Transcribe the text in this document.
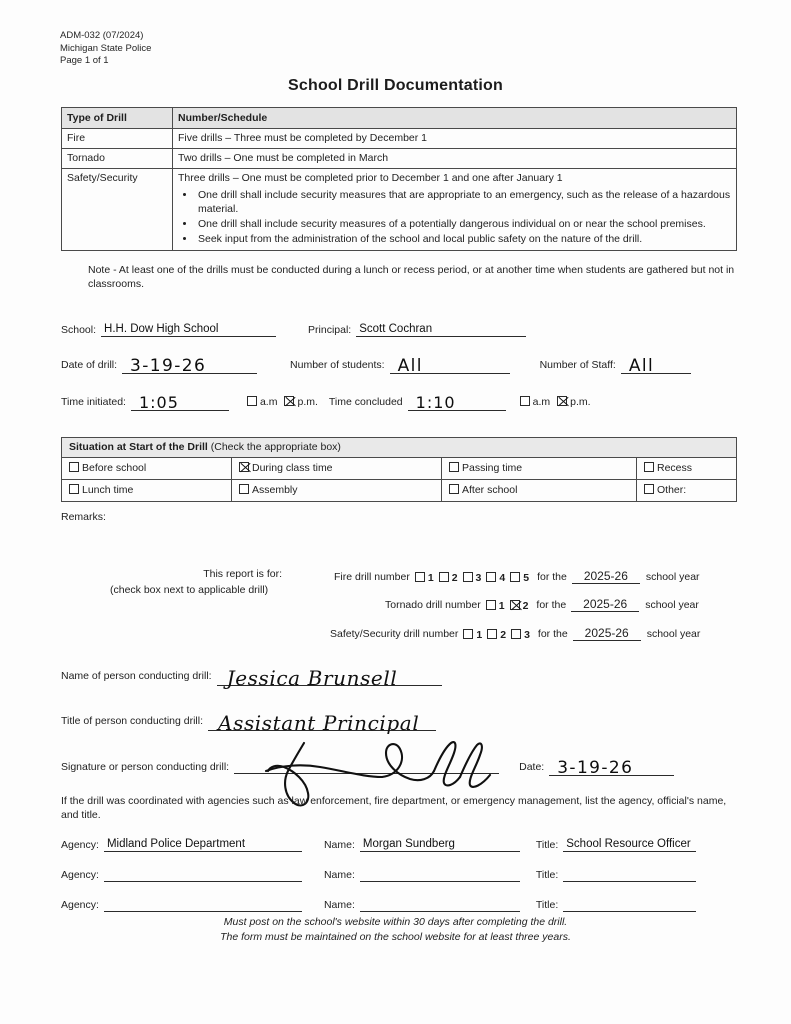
ADM-032 (07/2024)
Michigan State Police
Page 1 of 1
School Drill Documentation
Type of Drill	Number/Schedule
Fire	Five drills – Three must be completed by December 1
Tornado	Two drills – One must be completed in March
Safety/Security	Three drills – One must be completed prior to December 1 and one after January 1
• One drill shall include security measures that are appropriate to an emergency, such as the release of a hazardous material.
• One drill shall include security measures of a potentially dangerous individual on or near the school premises.
• Seek input from the administration of the school and local public safety on the nature of the drill.
Note - At least one of the drills must be conducted during a lunch or recess period, or at another time when students are gathered but not in classrooms.
School: H.H. Dow High School	Principal: Scott Cochran
Date of drill: 3-19-26	Number of students: All	Number of Staff: All
Time initiated: 1:05	a.m	p.m.	Time concluded 1:10	a.m	p.m.
Situation at Start of the Drill (Check the appropriate box)			
Before school	During class time	Passing time	Recess
Lunch time	Assembly	After school	Other:
Remarks:
This report is for:
(check box next to applicable drill)
Fire drill number	1	2	3	4	5 for the	2025-26	school year
Tornado drill number	1	2 for the	2025-26	school year
Safety/Security drill number	1	2	3 for the	2025-26	school year
Name of person conducting drill: Jessica Brunsell
Title of person conducting drill: Assistant Principal
Signature or person conducting drill:	Date: 3-19-26
If the drill was coordinated with agencies such as law enforcement, fire department, or emergency management, list the agency, official's name, and title.
Agency: Midland Police Department	Name: Morgan Sundberg	Title: School Resource Officer
Agency:	Name:	Title:
Agency:	Name:	Title:
Must post on the school's website within 30 days after completing the drill.
The form must be maintained on the school website for at least three years.
